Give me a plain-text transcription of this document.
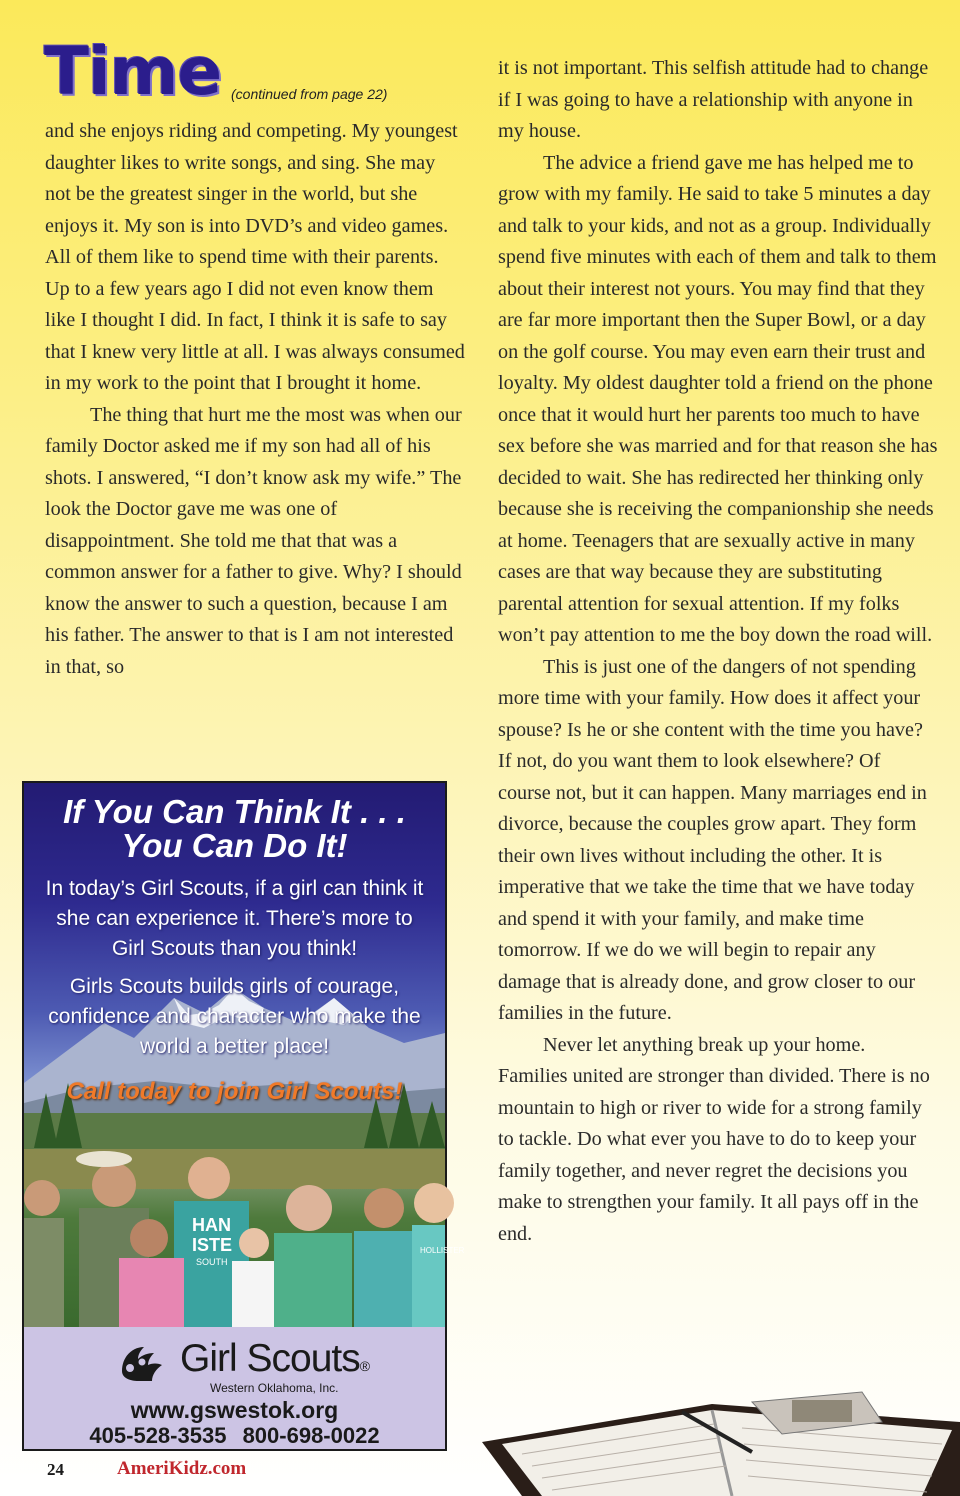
Time (continued from page 22)

and she enjoys riding and competing. My youngest daughter likes to write songs, and sing. She may not be the greatest singer in the world, but she enjoys it. My son is into DVD’s and video games. All of them like to spend time with their parents. Up to a few years ago I did not even know them like I thought I did. In fact, I think it is safe to say that I knew very little at all. I was always consumed in my work to the point that I brought it home.

The thing that hurt me the most was when our family Doctor asked me if my son had all of his shots. I answered, “I don’t know ask my wife.” The look the Doctor gave me was one of disappointment. She told me that that was a common answer for a father to give. Why? I should know the answer to such a question, because I am his father. The answer to that is I am not interested in that, so

it is not important. This selfish attitude had to change if I was going to have a relationship with anyone in my house.

The advice a friend gave me has helped me to grow with my family. He said to take 5 minutes a day and talk to your kids, and not as a group. Individually spend five minutes with each of them and talk to them about their interest not yours. You may find that they are far more important then the Super Bowl, or a day on the golf course. You may even earn their trust and loyalty. My oldest daughter told a friend on the phone once that it would hurt her parents too much to have sex before she was married and for that reason she has decided to wait. She has redirected her thinking only because she is receiving the companionship she needs at home. Teenagers that are sexually active in many cases are that way because they are substituting parental attention for sexual attention. If my folks won’t pay attention to me the boy down the road will.

This is just one of the dangers of not spending more time with your family. How does it affect your spouse? Is he or she content with the time you have? If not, do you want them to look elsewhere? Of course not, but it can happen. Many marriages end in divorce, because the couples grow apart. They form their own lives without including the other. It is imperative that we take the time that we have today and spend it with your family, and make time tomorrow. If we do we will begin to repair any damage that is already done, and grow closer to our families in the future.

Never let anything break up your home. Families united are stronger than divided. There is no mountain to high or river to wide for a strong family to tackle. Do what ever you have to do to keep your family together, and never regret the decisions you make to strengthen your family. It all pays off in the end.

HAN
ISTE
SOUTH
HOLLISTER
If You Can Think It . . .
You Can Do It!
In today’s Girl Scouts, if a girl can think it she can experience it. There’s more to Girl Scouts than you think!
Girls Scouts builds girls of courage, confidence and character who make the world a better place!
Call today to join Girl Scouts!
Girl Scouts®
Western Oklahoma, Inc.
www.gswestok.org
405-528-3535 800-698-0022
24	AmeriKidz.com
